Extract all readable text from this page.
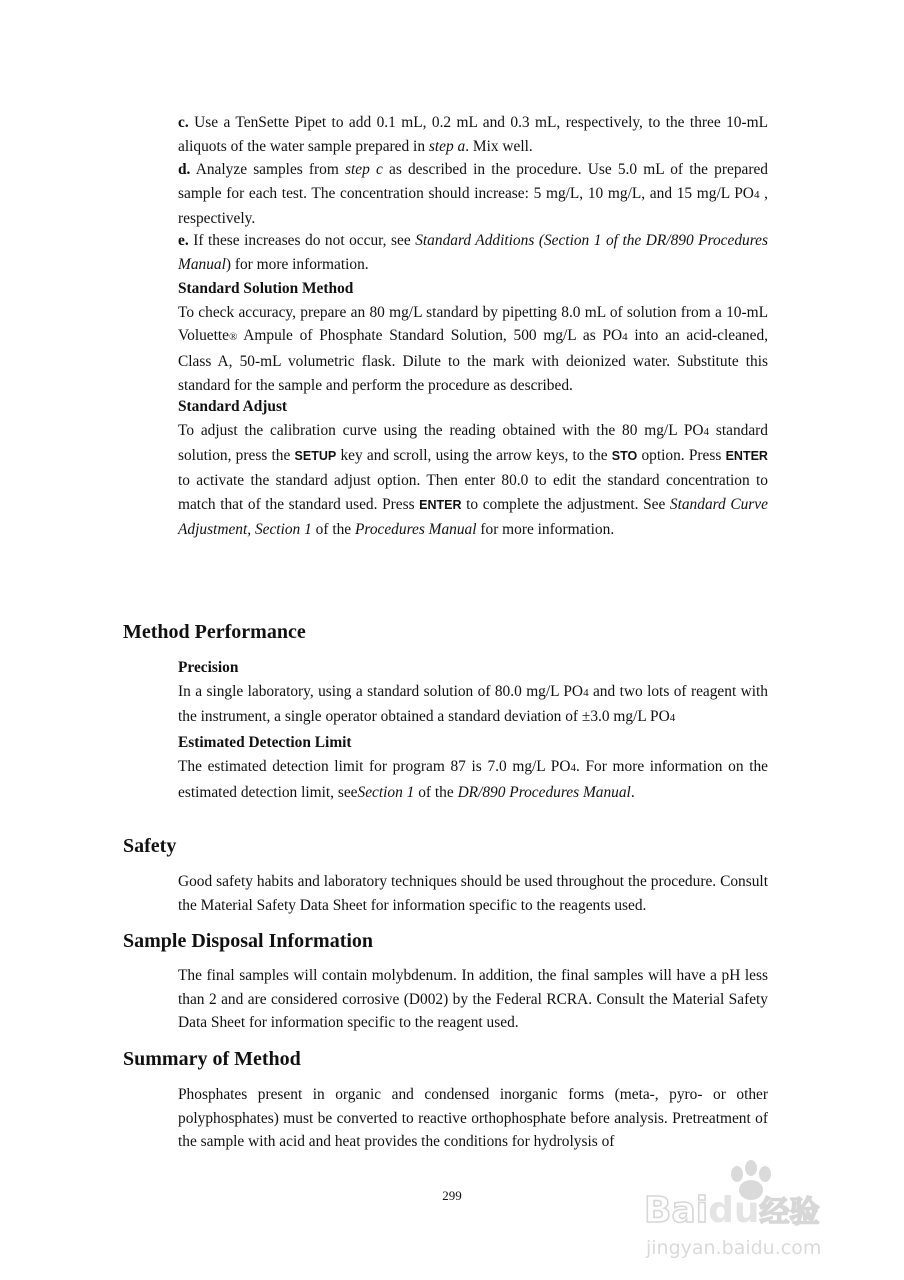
c. Use a TenSette Pipet to add 0.1 mL, 0.2 mL and 0.3 mL, respectively, to the three 10-mL aliquots of the water sample prepared in step a. Mix well.
d. Analyze samples from step c as described in the procedure. Use 5.0 mL of the prepared sample for each test. The concentration should increase: 5 mg/L, 10 mg/L, and 15 mg/L PO4 , respectively.
e. If these increases do not occur, see Standard Additions (Section 1 of the DR/890 Procedures Manual) for more information.

Standard Solution Method

To check accuracy, prepare an 80 mg/L standard by pipetting 8.0 mL of solution from a 10-mL Voluette® Ampule of Phosphate Standard Solution, 500 mg/L as PO4 into an acid-cleaned, Class A, 50-mL volumetric flask. Dilute to the mark with deionized water. Substitute this standard for the sample and perform the procedure as described.

Standard Adjust

To adjust the calibration curve using the reading obtained with the 80 mg/L PO4 standard solution, press the SETUP key and scroll, using the arrow keys, to the STO option. Press ENTER to activate the standard adjust option. Then enter 80.0 to edit the standard concentration to match that of the standard used. Press ENTER to complete the adjustment. See Standard Curve Adjustment, Section 1 of the Procedures Manual for more information.

Method Performance

Precision

In a single laboratory, using a standard solution of 80.0 mg/L PO4 and two lots of reagent with the instrument, a single operator obtained a standard deviation of ±3.0 mg/L PO4

Estimated Detection Limit

The estimated detection limit for program 87 is 7.0 mg/L PO4. For more information on the estimated detection limit, seeSection 1 of the DR/890 Procedures Manual.

Safety
Good safety habits and laboratory techniques should be used throughout the procedure. Consult the Material Safety Data Sheet for information specific to the reagents used.
Sample Disposal Information
The final samples will contain molybdenum. In addition, the final samples will have a pH less than 2 and are considered corrosive (D002) by the Federal RCRA. Consult the Material Safety Data Sheet for information specific to the reagent used.
Summary of Method
Phosphates present in organic and condensed inorganic forms (meta-, pyro- or other polyphosphates) must be converted to reactive orthophosphate before analysis. Pretreatment of the sample with acid and heat provides the conditions for hydrolysis of
299	Baidu经验
jingyan.baidu.com
